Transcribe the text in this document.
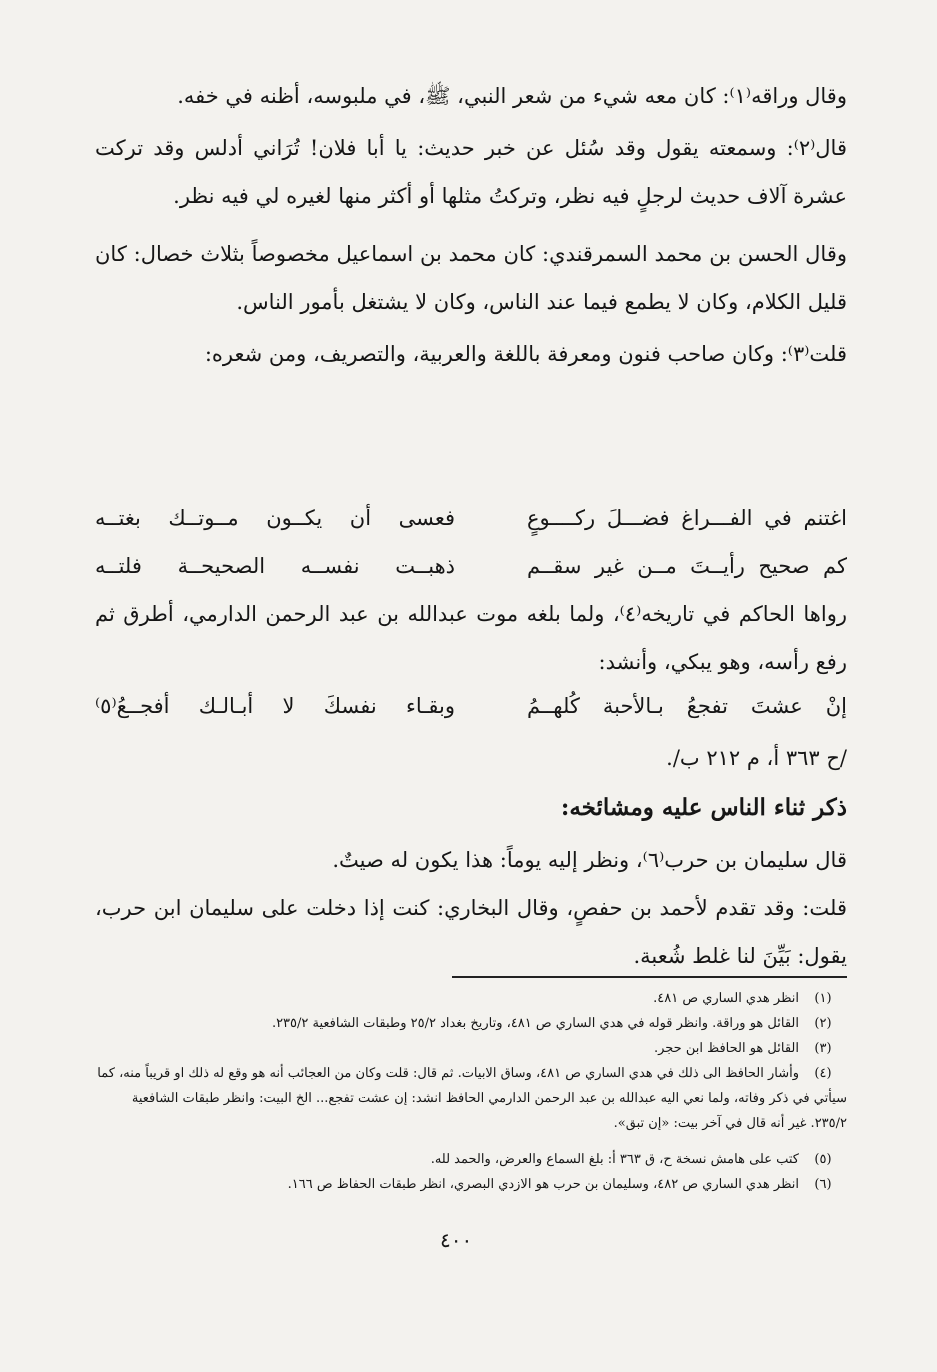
وقال وراقه⁽١⁾: كان معه شيء من شعر النبي، ﷺ، في ملبوسه، أظنه في خفه.

قال⁽٢⁾: وسمعته يقول وقد سُئل عن خبر حديث: يا أبا فلان! تُرَاني أدلس وقد تركت عشرة آلاف حديث لرجلٍ فيه نظر، وتركتُ مثلها أو أكثر منها لغيره لي فيه نظر.

وقال الحسن بن محمد السمرقندي: كان محمد بن اسماعيل مخصوصاً بثلاث خصال: كان قليل الكلام، وكان لا يطمع فيما عند الناس، وكان لا يشتغل بأمور الناس.

قلت⁽٣⁾: وكان صاحب فنون ومعرفة باللغة والعربية، والتصريف، ومن شعره:

اغتنم في الفـــراغ فضـــلَ ركــــوعٍ
فعسى أن يكــون مــوتــك بغتــه
كم صحيح رأيــتَ مــن غير سقــم
ذهبــت نفســه الصحيحــة فلتــه

رواها الحاكم في تاريخه⁽٤⁾، ولما بلغه موت عبدالله بن عبد الرحمن الدارمي، أطرق ثم رفع رأسه، وهو يبكي، وأنشد:

إنْ عشتَ تفجعُ بـالأحبة كُلهــمُ
وبقـاء نفسكَ لا أبـالـك أفجــعُ⁽٥⁾

/ح ٣٦٣ أ، م ٢١٢ ب/.

ذكر ثناء الناس عليه ومشائخه:

قال سليمان بن حرب⁽٦⁾، ونظر إليه يوماً: هذا يكون له صيتٌ.

قلت: وقد تقدم لأحمد بن حفصٍ، وقال البخاري: كنت إذا دخلت على سليمان ابن حرب، يقول: بَيِّنَ لنا غلط شُعبة.

(١)انظر هدي الساري ص ٤٨١.
(٢)القائل هو وراقة. وانظر قوله في هدي الساري ص ٤٨١، وتاريخ بغداد ٢٥/٢ وطبقات الشافعية ٢٣٥/٢.
(٣)القائل هو الحافظ ابن حجر.
(٤)وأشار الحافظ الى ذلك في هدي الساري ص ٤٨١، وساق الابيات. ثم قال: قلت وكان من العجائب أنه هو وقع له ذلك او قريباً منه، كما سيأتي في ذكر وفاته، ولما نعي اليه عبدالله بن عبد الرحمن الدارمي الحافظ انشد: إن عشت تفجع... الخ البيت: وانظر طبقات الشافعية ٢٣٥/٢. غير أنه قال في آخر بيت: «إن تبق».
(٥)كتب على هامش نسخة ح، ق ٣٦٣ أ: بلغ السماع والعرض، والحمد لله.
(٦)انظر هدي الساري ص ٤٨٢، وسليمان بن حرب هو الازدي البصري، انظر طبقات الحفاظ ص ١٦٦.
٤٠٠
